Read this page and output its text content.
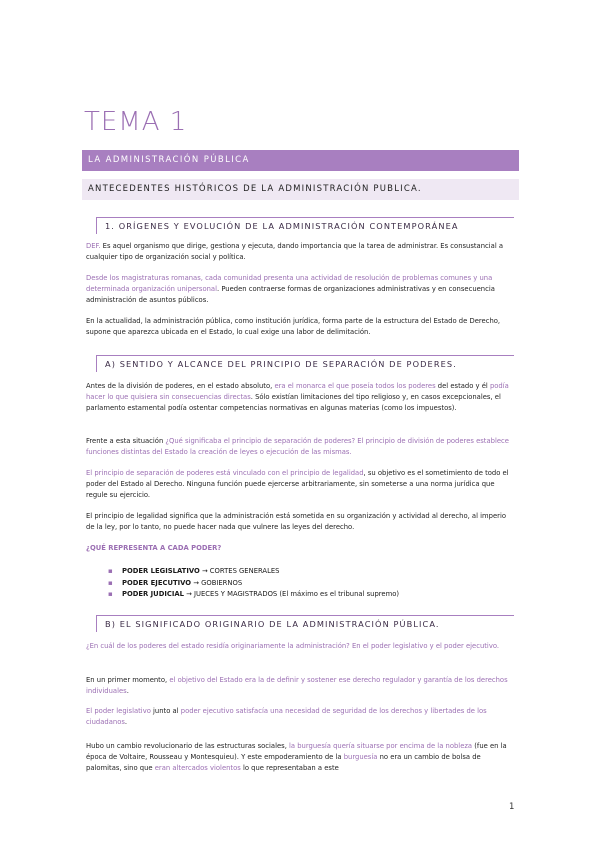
TEMA 1
LA ADMINISTRACIÓN PÚBLICA
ANTECEDENTES HISTÓRICOS DE LA ADMINISTRACIÓN PUBLICA.
1. ORÍGENES Y EVOLUCIÓN DE LA ADMINISTRACIÓN CONTEMPORÁNEA
DEF. Es aquel organismo que dirige, gestiona y ejecuta, dando importancia que la tarea de administrar. Es consustancial a cualquier tipo de organización social y política.
Desde los magistraturas romanas, cada comunidad presenta una actividad de resolución de problemas comunes y una determinada organización unipersonal. Pueden contraerse formas de organizaciones administrativas y en consecuencia administración de asuntos públicos.
En la actualidad, la administración pública, como institución jurídica, forma parte de la estructura del Estado de Derecho, supone que aparezca ubicada en el Estado, lo cual exige una labor de delimitación.
A) SENTIDO Y ALCANCE DEL PRINCIPIO DE SEPARACIÓN DE PODERES.
Antes de la división de poderes, en el estado absoluto, era el monarca el que poseía todos los poderes del estado y él podía hacer lo que quisiera sin consecuencias directas. Sólo existían limitaciones del tipo religioso y, en casos excepcionales, el parlamento estamental podía ostentar competencias normativas en algunas materias (como los impuestos).
Frente a esta situación ¿Qué significaba el principio de separación de poderes? El principio de división de poderes establece funciones distintas del Estado la creación de leyes o ejecución de las mismas.
El principio de separación de poderes está vinculado con el principio de legalidad, su objetivo es el sometimiento de todo el poder del Estado al Derecho. Ninguna función puede ejercerse arbitrariamente, sin someterse a una norma jurídica que regule su ejercicio.
El principio de legalidad significa que la administración está sometida en su organización y actividad al derecho, al imperio de la ley, por lo tanto, no puede hacer nada que vulnere las leyes del derecho.
¿QUÉ REPRESENTA A CADA PODER?
▪ PODER LEGISLATIVO → CORTES GENERALES
▪ PODER EJECUTIVO → GOBIERNOS
▪ PODER JUDICIAL → JUECES Y MAGISTRADOS (El máximo es el tribunal supremo)
B) EL SIGNIFICADO ORIGINARIO DE LA ADMINISTRACIÓN PÚBLICA.
¿En cuál de los poderes del estado residía originariamente la administración? En el poder legislativo y el poder ejecutivo.
En un primer momento, el objetivo del Estado era la de definir y sostener ese derecho regulador y garantía de los derechos individuales.
El poder legislativo junto al poder ejecutivo satisfacía una necesidad de seguridad de los derechos y libertades de los ciudadanos.
Hubo un cambio revolucionario de las estructuras sociales, la burguesía quería situarse por encima de la nobleza (fue en la época de Voltaire, Rousseau y Montesquieu). Y este empoderamiento de la burguesía no era un cambio de bolsa de palomitas, sino que eran altercados violentos lo que representaban a este
1
